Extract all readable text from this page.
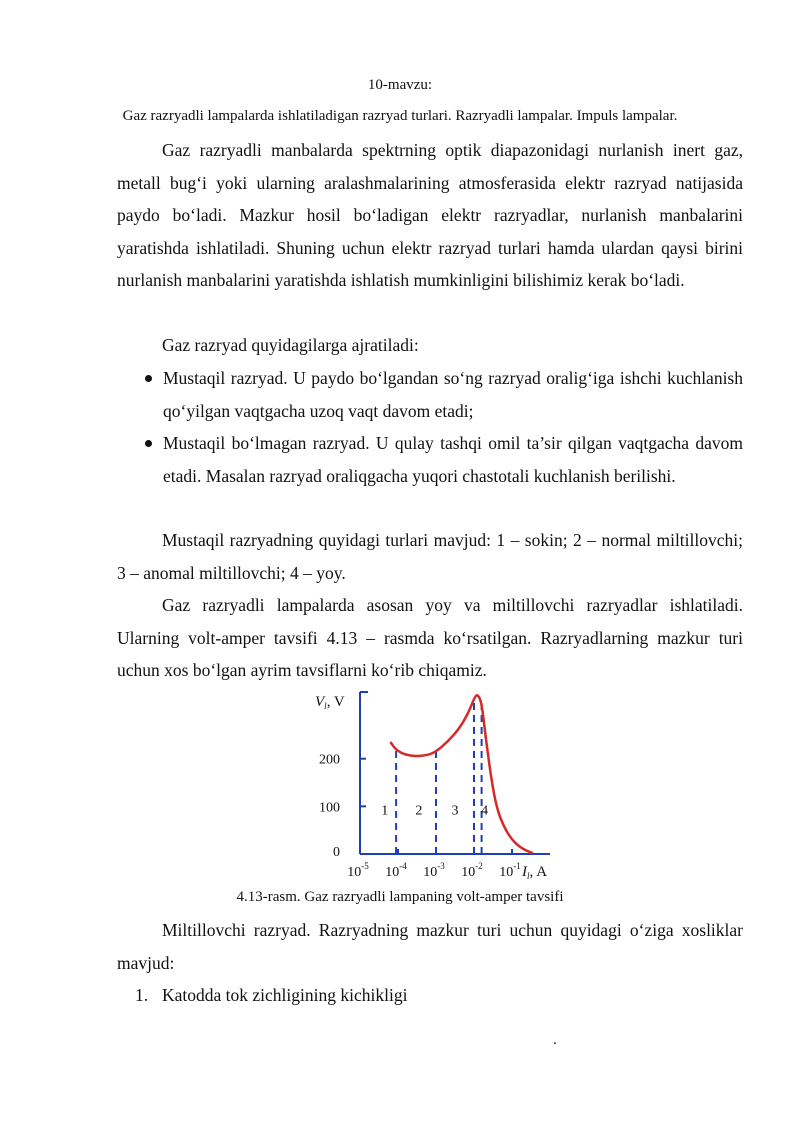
10-mavzu:
Gaz razryadli lampalarda ishlatiladigan razryad turlari. Razryadli lampalar. Impuls lampalar.
Gaz razryadli manbalarda spektrning optik diapazonidagi nurlanish inert gaz, metall bug‘i yoki ularning aralashmalarining atmosferasida elektr razryad natijasida paydo bo‘ladi. Mazkur hosil bo‘ladigan elektr razryadlar, nurlanish manbalarini yaratishda ishlatiladi. Shuning uchun elektr razryad turlari hamda ulardan qaysi birini nurlanish manbalarini yaratishda ishlatish mumkinligini bilishimiz kerak bo‘ladi.
Gaz razryad quyidagilarga ajratiladi:
Mustaqil razryad. U paydo bo‘lgandan so‘ng razryad oralig‘iga ishchi kuchlanish qo‘yilgan vaqtgacha uzoq vaqt davom etadi;
Mustaqil bo‘lmagan razryad. U qulay tashqi omil ta’sir qilgan vaqtgacha davom etadi. Masalan razryad oraliqgacha yuqori chastotali kuchlanish berilishi.
Mustaqil razryadning quyidagi turlari mavjud: 1 – sokin; 2 – normal miltillovchi; 3 – anomal miltillovchi; 4 – yoy.
Gaz razryadli lampalarda asosan yoy va miltillovchi razryadlar ishlatiladi. Ularning volt-amper tavsifi 4.13 – rasmda ko‘rsatilgan. Razryadlarning mazkur turi uchun xos bo‘lgan ayrim tavsiflarni ko‘rib chiqamiz.
0
100
200
$10^{-5}$ $10^{-4}$ $10^{-3}$ $10^{-2}$ $10^{-1}$
$V_l$, V
$I_l$, A
1 2 3 4
4.13-rasm. Gaz razryadli lampaning volt-amper tavsifi
Miltillovchi razryad. Razryadning mazkur turi uchun quyidagi o‘ziga xosliklar mavjud:
1. Katodda tok zichligining kichikligi
.
